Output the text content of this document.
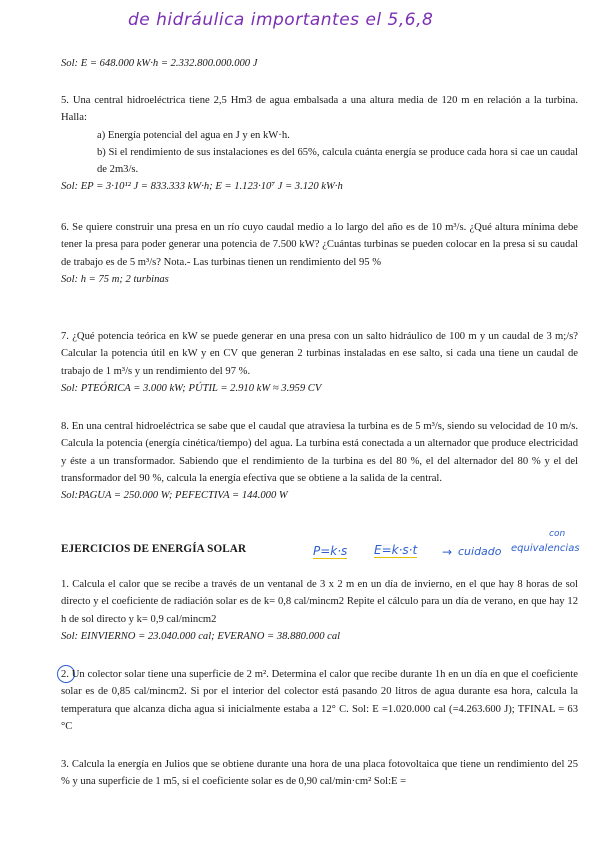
de hidráulica importantes el 5,6,8
Sol: E = 648.000 kW·h = 2.332.800.000.000 J

5. Una central hidroeléctrica tiene 2,5 Hm3 de agua embalsada a una altura media de 120 m en relación a la turbina. Halla:

a) Energía potencial del agua en J y en kW·h.

b) Si el rendimiento de sus instalaciones es del 65%, calcula cuánta energía se produce cada hora si cae un caudal de 2m3/s.

Sol: EP = 3·10¹² J = 833.333 kW·h; E = 1.123·10⁷ J = 3.120 kW·h

6. Se quiere construir una presa en un río cuyo caudal medio a lo largo del año es de 10 m³/s. ¿Qué altura mínima debe tener la presa para poder generar una potencia de 7.500 kW? ¿Cuántas turbinas se pueden colocar en la presa si su caudal de trabajo es de 5 m³/s? Nota.- Las turbinas tienen un rendimiento del 95 %

Sol: h = 75 m; 2 turbinas

7. ¿Qué potencia teórica en kW se puede generar en una presa con un salto hidráulico de 100 m y un caudal de 3 m;/s? Calcular la potencia útil en kW y en CV que generan 2 turbinas instaladas en ese salto, si cada una tiene un caudal de trabajo de 1 m³/s y un rendimiento del 97 %.

Sol: PTEÓRICA = 3.000 kW; PÚTIL = 2.910 kW ≈ 3.959 CV

8. En una central hidroeléctrica se sabe que el caudal que atraviesa la turbina es de 5 m³/s, siendo su velocidad de 10 m/s. Calcula la potencia (energía cinética/tiempo) del agua. La turbina está conectada a un alternador que produce electricidad y éste a un transformador. Sabiendo que el rendimiento de la turbina es del 80 %, el del alternador del 80 % y el del transformador del 90 %, calcula la energía efectiva que se obtiene a la salida de la central.

Sol:PAGUA = 250.000 W; PEFECTIVA = 144.000 W

EJERCICIOS DE ENERGÍA SOLAR	P=k·s E=k·s·t → cuidado
con
equivalencias

1. Calcula el calor que se recibe a través de un ventanal de 3 x 2 m en un día de invierno, en el que hay 8 horas de sol directo y el coeficiente de radiación solar es de k= 0,8 cal/mincm2 Repite el cálculo para un día de verano, en que hay 12 h de sol directo y k= 0,9 cal/mincm2

Sol: EINVIERNO = 23.040.000 cal; EVERANO = 38.880.000 cal

2. Un colector solar tiene una superficie de 2 m². Determina el calor que recibe durante 1h en un día en que el coeficiente solar es de 0,85 cal/mincm2. Si por el interior del colector está pasando 20 litros de agua durante esa hora, calcula la temperatura que alcanza dicha agua si inicialmente estaba a 12° C. Sol: E =1.020.000 cal (=4.263.600 J); TFINAL = 63 °C

3. Calcula la energía en Julios que se obtiene durante una hora de una placa fotovoltaica que tiene un rendimiento del 25 % y una superficie de 1 m5, si el coeficiente solar es de 0,90 cal/min·cm² Sol:E =
